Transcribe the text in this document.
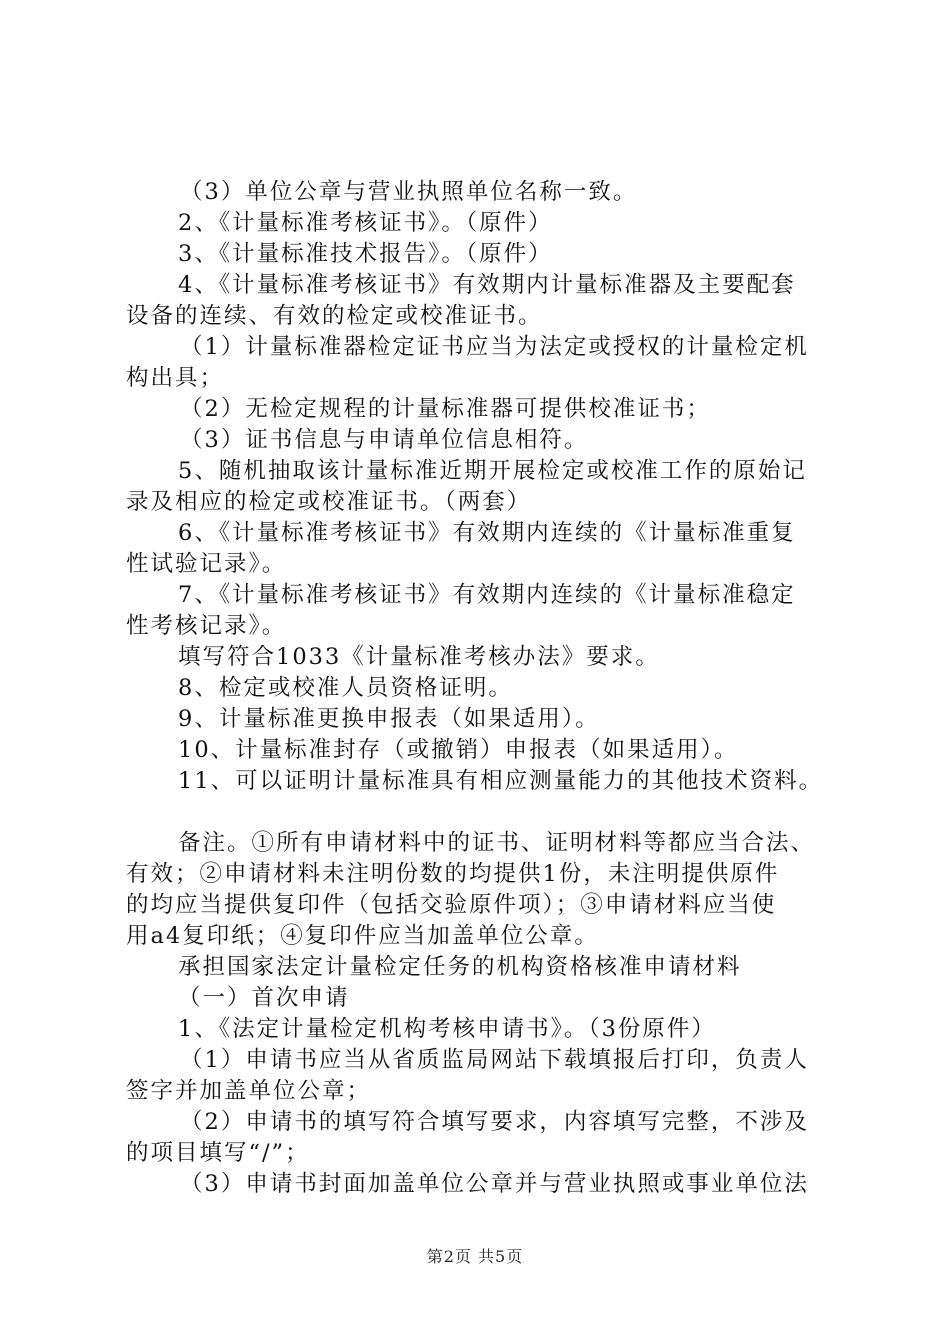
（3）单位公章与营业执照单位名称一致。
2、《计量标准考核证书》。（原件）
3、《计量标准技术报告》。（原件）
4、《计量标准考核证书》有效期内计量标准器及主要配套
设备的连续、有效的检定或校准证书。
（1）计量标准器检定证书应当为法定或授权的计量检定机
构出具；
（2）无检定规程的计量标准器可提供校准证书；
（3）证书信息与申请单位信息相符。
5、随机抽取该计量标准近期开展检定或校准工作的原始记
录及相应的检定或校准证书。（两套）
6、《计量标准考核证书》有效期内连续的《计量标准重复
性试验记录》。
7、《计量标准考核证书》有效期内连续的《计量标准稳定
性考核记录》。
填写符合1033《计量标准考核办法》要求。
8、检定或校准人员资格证明。
9、计量标准更换申报表（如果适用）。
10、计量标准封存（或撤销）申报表（如果适用）。
11、可以证明计量标准具有相应测量能力的其他技术资料。
备注。①所有申请材料中的证书、证明材料等都应当合法、
有效；②申请材料未注明份数的均提供1份，未注明提供原件
的均应当提供复印件（包括交验原件项）；③申请材料应当使
用a4复印纸；④复印件应当加盖单位公章。
承担国家法定计量检定任务的机构资格核准申请材料
（一）首次申请
1、《法定计量检定机构考核申请书》。（3份原件）
（1）申请书应当从省质监局网站下载填报后打印，负责人
签字并加盖单位公章；
（2）申请书的填写符合填写要求，内容填写完整，不涉及
的项目填写“/”；
（3）申请书封面加盖单位公章并与营业执照或事业单位法
第2页 共5页
